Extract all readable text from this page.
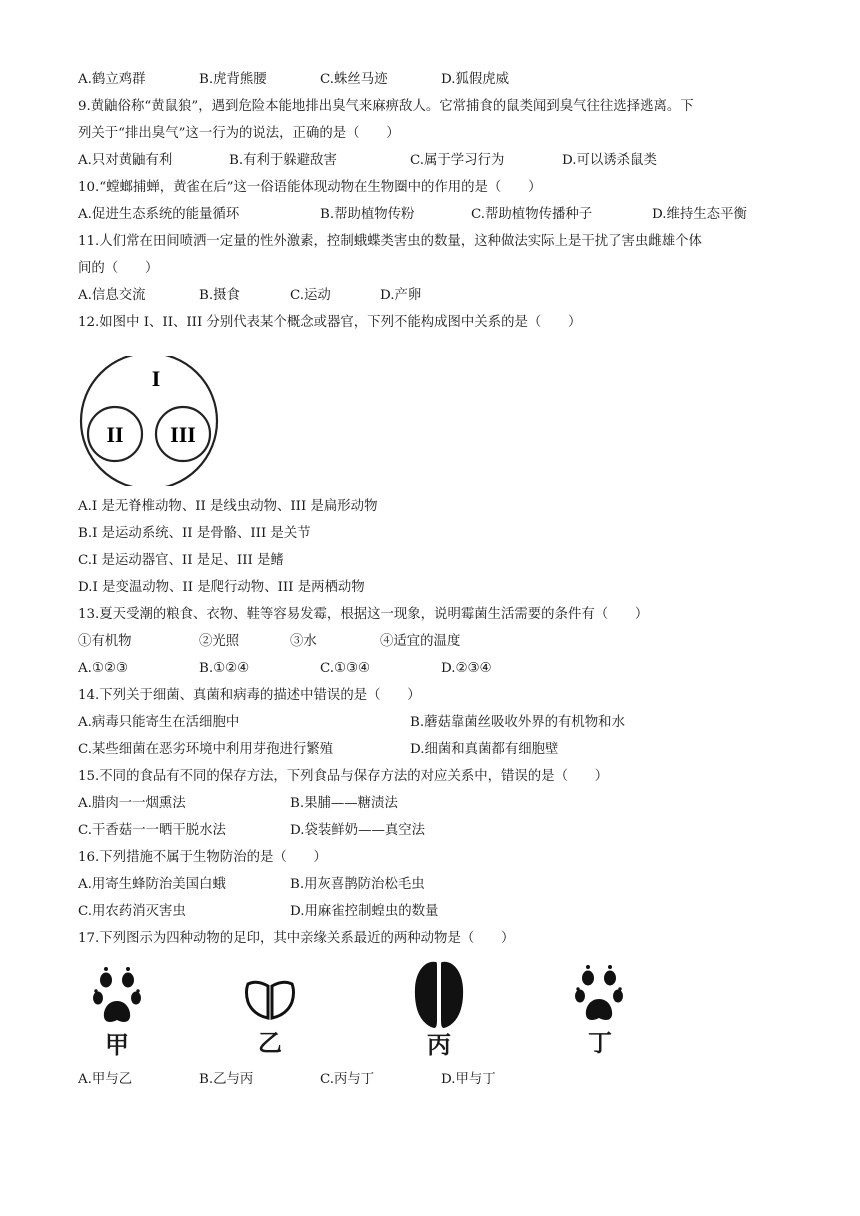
A.鹤立鸡群	B.虎背熊腰	C.蛛丝马迹	D.狐假虎威
9.黄鼬俗称“黄鼠狼”，遇到危险本能地排出臭气来麻痹敌人。它常捕食的鼠类闻到臭气往往选择逃离。下
列关于“排出臭气”这一行为的说法，正确的是（　　）
A.只对黄鼬有利	B.有利于躲避敌害	C.属于学习行为	D.可以诱杀鼠类
10.“螳螂捕蝉，黄雀在后”这一俗语能体现动物在生物圈中的作用的是（　　）
A.促进生态系统的能量循环	B.帮助植物传粉	C.帮助植物传播种子	D.维持生态平衡
11.人们常在田间喷洒一定量的性外激素，控制蛾蝶类害虫的数量，这种做法实际上是干扰了害虫雌雄个体
间的（　　）
A.信息交流	B.摄食	C.运动	D.产卵
12.如图中 I、II、III 分别代表某个概念或器官，下列不能构成图中关系的是（　　）
I
II III
A.I 是无脊椎动物、II 是线虫动物、III 是扁形动物
B.I 是运动系统、II 是骨骼、III 是关节
C.I 是运动器官、II 是足、III 是鳍
D.I 是变温动物、II 是爬行动物、III 是两栖动物
13.夏天受潮的粮食、衣物、鞋等容易发霉，根据这一现象，说明霉菌生活需要的条件有（　　）
①有机物	②光照	③水	④适宜的温度
A.①②③	B.①②④	C.①③④	D.②③④
14.下列关于细菌、真菌和病毒的描述中错误的是（　　）
A.病毒只能寄生在活细胞中	B.蘑菇靠菌丝吸收外界的有机物和水
C.某些细菌在恶劣环境中利用芽孢进行繁殖	D.细菌和真菌都有细胞壁
15.不同的食品有不同的保存方法，下列食品与保存方法的对应关系中，错误的是（　　）
A.腊肉一一烟熏法	B.果脯——糖渍法
C.干香菇一一晒干脱水法	D.袋装鲜奶——真空法
16.下列措施不属于生物防治的是（　　）
A.用寄生蜂防治美国白蛾	B.用灰喜鹊防治松毛虫
C.用农药消灭害虫	D.用麻雀控制蝗虫的数量
17.下列图示为四种动物的足印，其中亲缘关系最近的两种动物是（　　）
甲	乙	丙	丁
A.甲与乙	B.乙与丙	C.丙与丁	D.甲与丁
